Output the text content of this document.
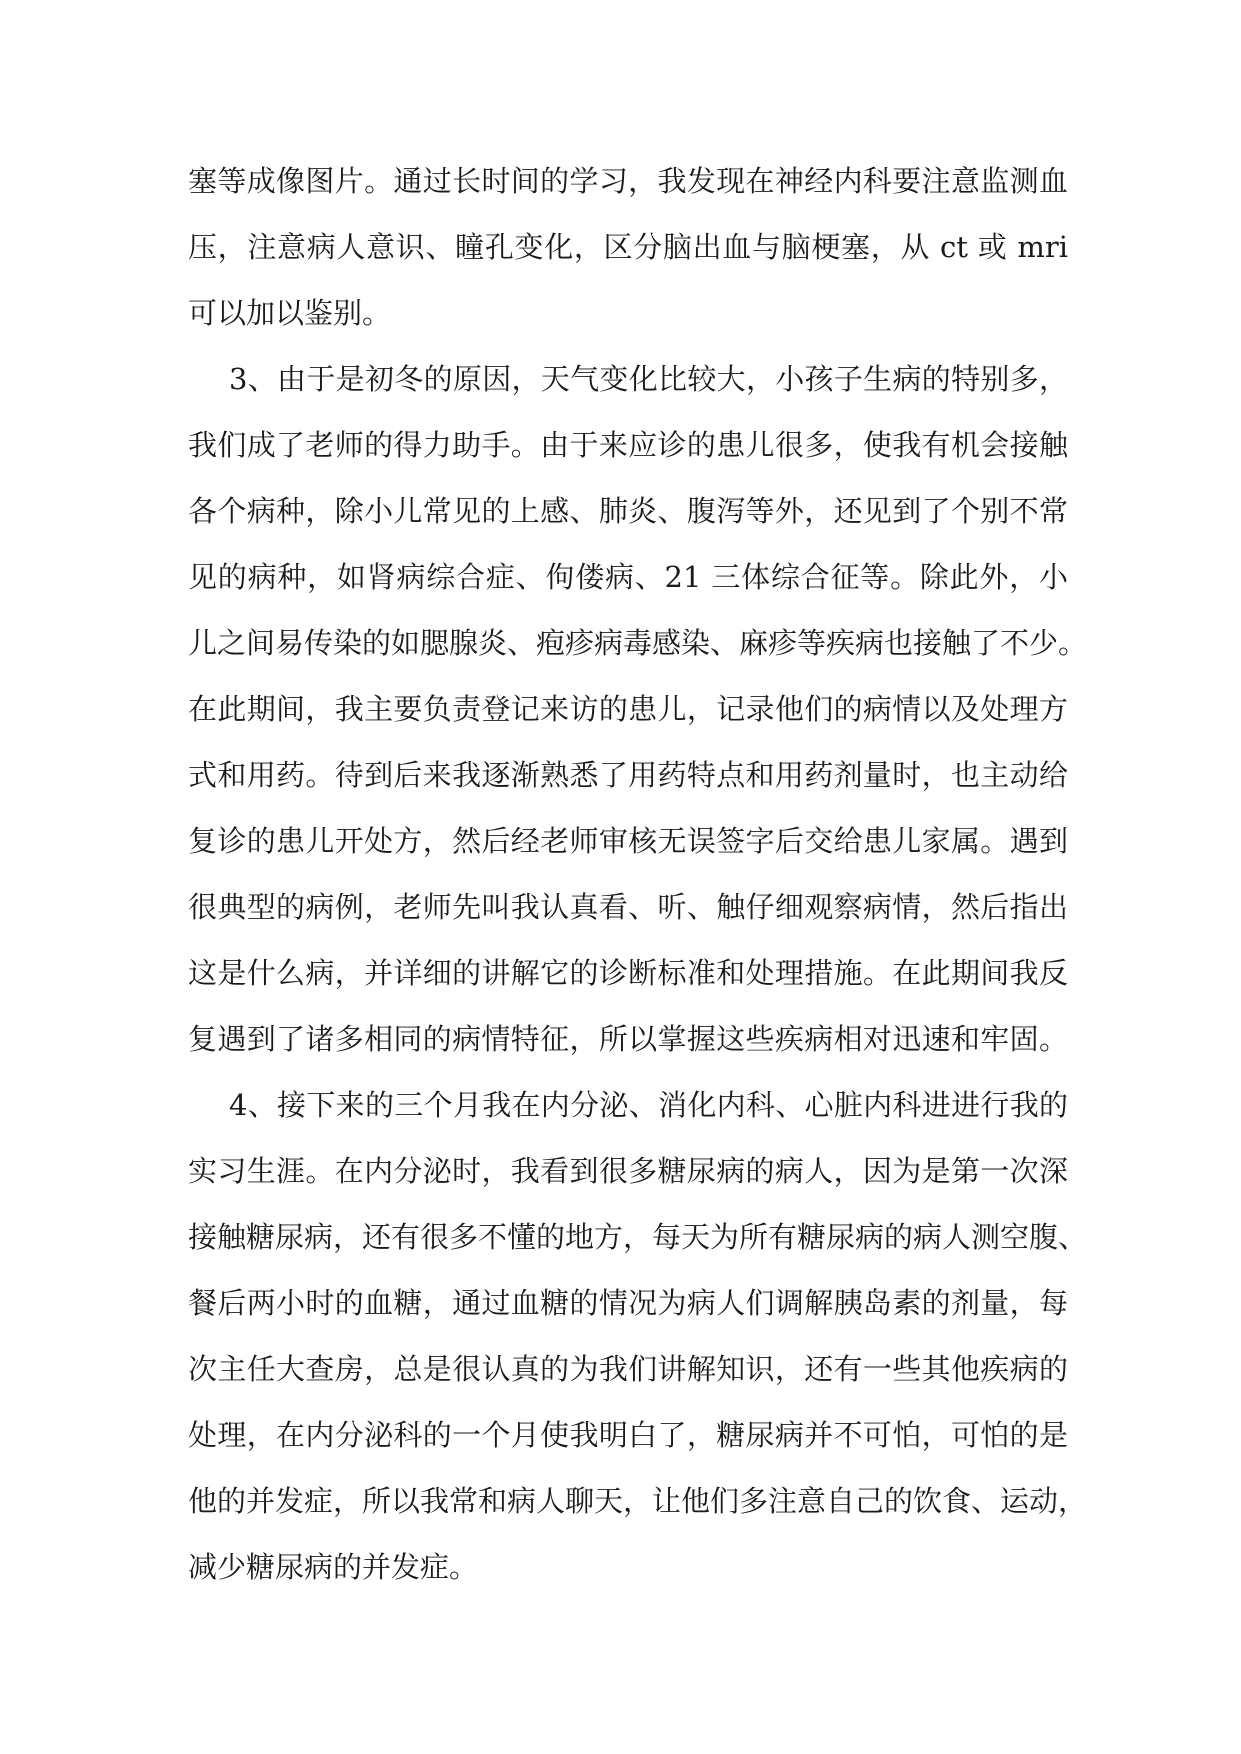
塞等成像图片。通过长时间的学习，我发现在神经内科要注意监测血
压，注意病人意识、瞳孔变化，区分脑出血与脑梗塞，从 ct 或 mri
可以加以鉴别。
3、由于是初冬的原因，天气变化比较大，小孩子生病的特别多，
我们成了老师的得力助手。由于来应诊的患儿很多，使我有机会接触
各个病种，除小儿常见的上感、肺炎、腹泻等外，还见到了个别不常
见的病种，如肾病综合症、佝偻病、21 三体综合征等。除此外，小
儿之间易传染的如腮腺炎、疱疹病毒感染、麻疹等疾病也接触了不少。
在此期间，我主要负责登记来访的患儿，记录他们的病情以及处理方
式和用药。待到后来我逐渐熟悉了用药特点和用药剂量时，也主动给
复诊的患儿开处方，然后经老师审核无误签字后交给患儿家属。遇到
很典型的病例，老师先叫我认真看、听、触仔细观察病情，然后指出
这是什么病，并详细的讲解它的诊断标准和处理措施。在此期间我反
复遇到了诸多相同的病情特征，所以掌握这些疾病相对迅速和牢固。
4、接下来的三个月我在内分泌、消化内科、心脏内科进进行我的
实习生涯。在内分泌时，我看到很多糖尿病的病人，因为是第一次深
接触糖尿病，还有很多不懂的地方，每天为所有糖尿病的病人测空腹、
餐后两小时的血糖，通过血糖的情况为病人们调解胰岛素的剂量，每
次主任大查房，总是很认真的为我们讲解知识，还有一些其他疾病的
处理，在内分泌科的一个月使我明白了，糖尿病并不可怕，可怕的是
他的并发症，所以我常和病人聊天，让他们多注意自己的饮食、运动，
减少糖尿病的并发症。
